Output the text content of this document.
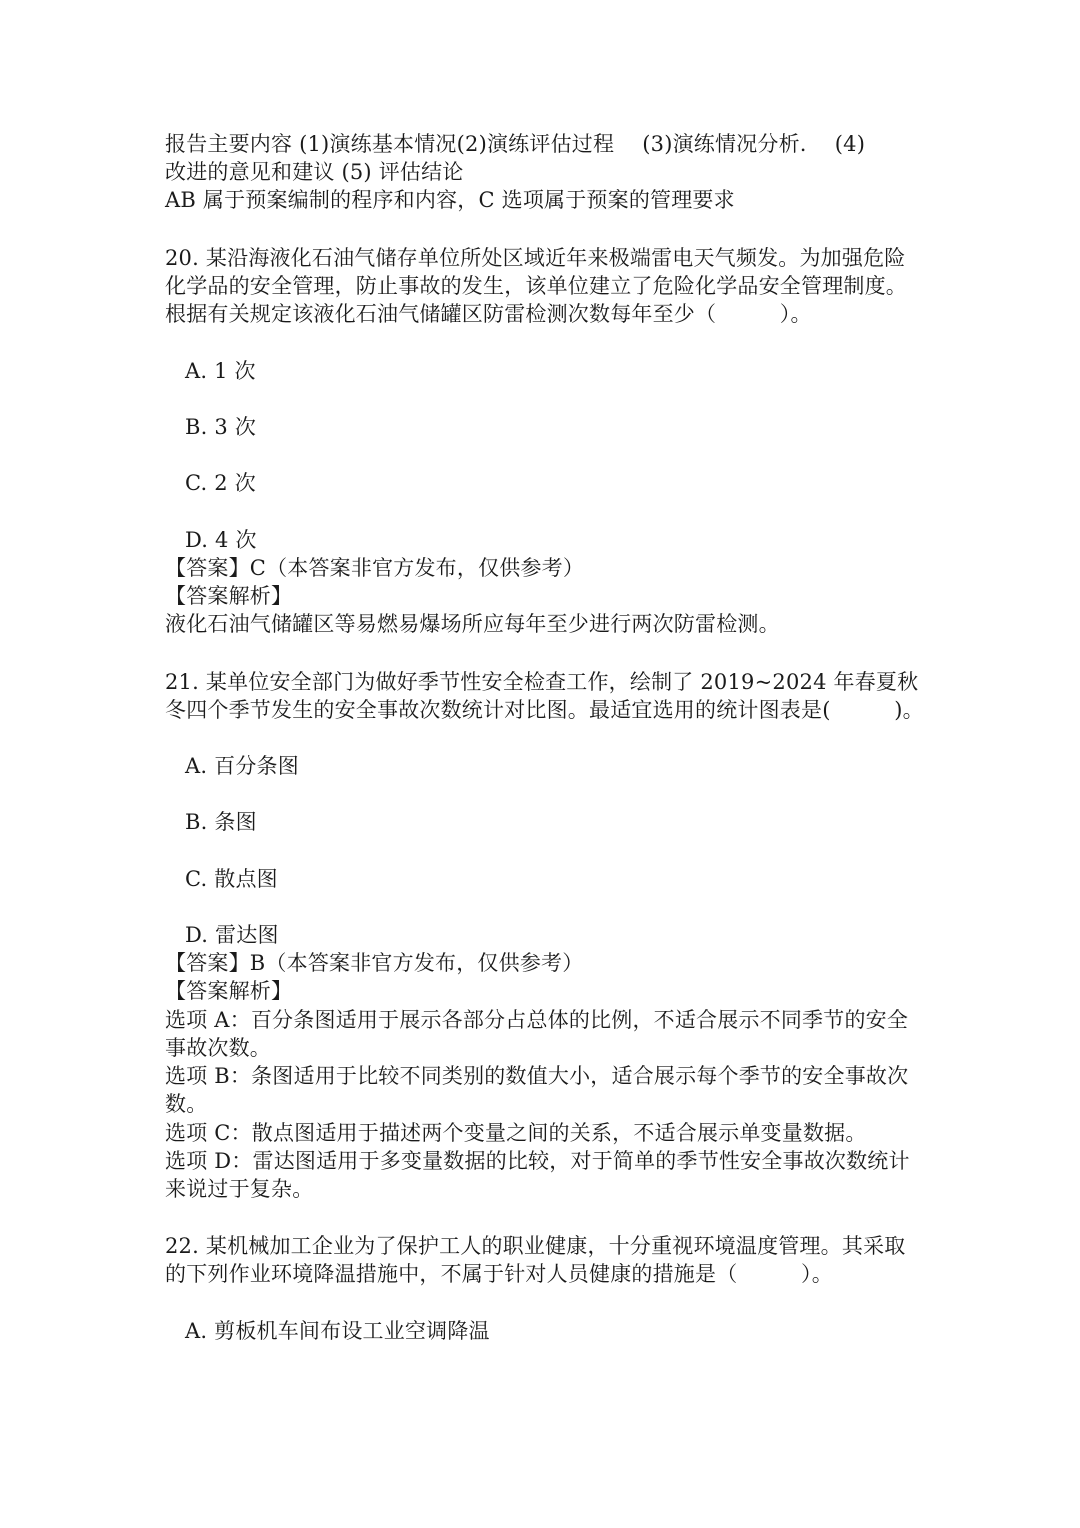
报告主要内容 (1)演练基本情况(2)演练评估过程　 (3)演练情况分析.　 (4)
改进的意见和建议 (5) 评估结论
AB 属于预案编制的程序和内容，C 选项属于预案的管理要求
20. 某沿海液化石油气储存单位所处区域近年来极端雷电天气频发。为加强危险
化学品的安全管理，防止事故的发生，该单位建立了危险化学品安全管理制度。
根据有关规定该液化石油气储罐区防雷检测次数每年至少（　　　）。
A. 1 次
B. 3 次
C. 2 次
D. 4 次
【答案】C（本答案非官方发布，仅供参考）
【答案解析】
液化石油气储罐区等易燃易爆场所应每年至少进行两次防雷检测。
21. 某单位安全部门为做好季节性安全检查工作，绘制了 2019~2024 年春夏秋
冬四个季节发生的安全事故次数统计对比图。最适宜选用的统计图表是(　　　)。
A. 百分条图
B. 条图
C. 散点图
D. 雷达图
【答案】B（本答案非官方发布，仅供参考）
【答案解析】
选项 A：百分条图适用于展示各部分占总体的比例，不适合展示不同季节的安全
事故次数。
选项 B：条图适用于比较不同类别的数值大小，适合展示每个季节的安全事故次
数。
选项 C：散点图适用于描述两个变量之间的关系，不适合展示单变量数据。
选项 D：雷达图适用于多变量数据的比较，对于简单的季节性安全事故次数统计
来说过于复杂。
22. 某机械加工企业为了保护工人的职业健康，十分重视环境温度管理。其采取
的下列作业环境降温措施中，不属于针对人员健康的措施是（　　　）。
A. 剪板机车间布设工业空调降温
